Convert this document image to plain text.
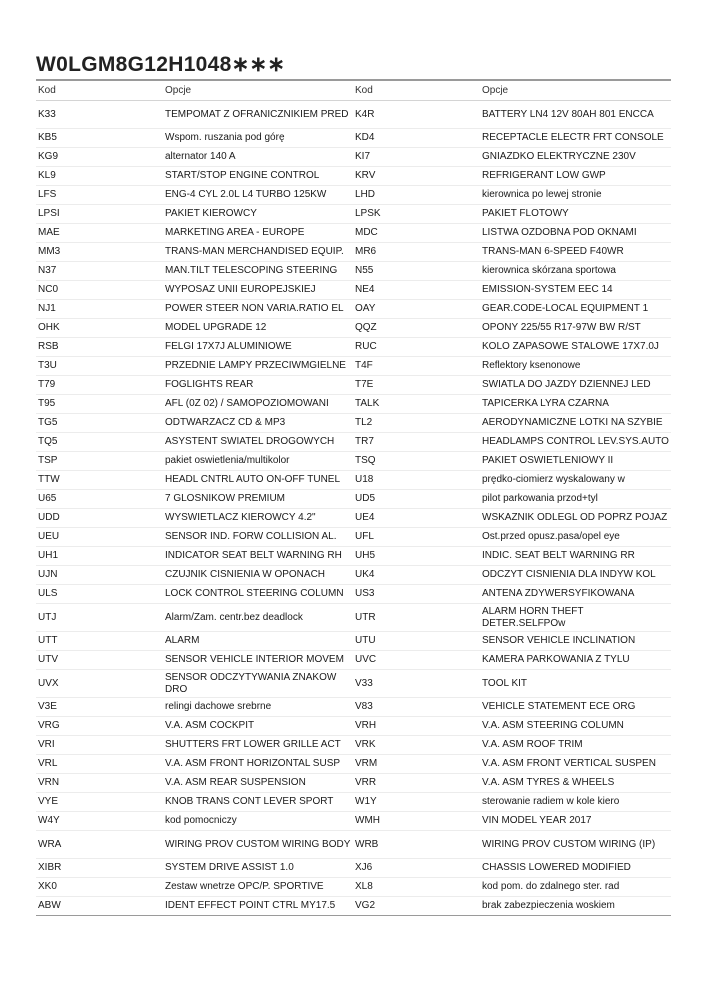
W0LGM8G12H1048∗∗∗
Kod	Opcje	Kod	Opcje
K33	TEMPOMAT Z OFRANICZNIKIEM PRED	K4R	BATTERY LN4 12V 80AH 801 ENCCA
KB5	Wspom. ruszania pod górę	KD4	RECEPTACLE ELECTR FRT CONSOLE
KG9	alternator 140 A	KI7	GNIAZDKO ELEKTRYCZNE 230V
KL9	START/STOP ENGINE CONTROL	KRV	REFRIGERANT LOW GWP
LFS	ENG-4 CYL 2.0L L4 TURBO 125KW	LHD	kierownica po lewej stronie
LPSI	PAKIET KIEROWCY	LPSK	PAKIET FLOTOWY
MAE	MARKETING AREA - EUROPE	MDC	LISTWA OZDOBNA POD OKNAMI
MM3	TRANS-MAN MERCHANDISED EQUIP.	MR6	TRANS-MAN 6-SPEED F40WR
N37	MAN.TILT TELESCOPING STEERING	N55	kierownica skórzana sportowa
NC0	WYPOSAZ UNII EUROPEJSKIEJ	NE4	EMISSION-SYSTEM EEC 14
NJ1	POWER STEER NON VARIA.RATIO EL	OAY	GEAR.CODE-LOCAL EQUIPMENT 1
OHK	MODEL UPGRADE 12	QQZ	OPONY 225/55 R17-97W BW R/ST
RSB	FELGI 17X7J ALUMINIOWE	RUC	KOLO ZAPASOWE STALOWE 17X7.0J
T3U	PRZEDNIE LAMPY PRZECIWMGIELNE	T4F	Reflektory ksenonowe
T79	FOGLIGHTS REAR	T7E	SWIATLA DO JAZDY DZIENNEJ LED
T95	AFL (0Z 02) / SAMOPOZIOMOWANI	TALK	TAPICERKA LYRA CZARNA
TG5	ODTWARZACZ CD & MP3	TL2	AERODYNAMICZNE LOTKI NA SZYBIE
TQ5	ASYSTENT SWIATEL DROGOWYCH	TR7	HEADLAMPS CONTROL LEV.SYS.AUTO
TSP	pakiet oswietlenia/multikolor	TSQ	PAKIET OSWIETLENIOWY II
TTW	HEADL CNTRL AUTO ON-OFF TUNEL	U18	prędko-ciomierz wyskalowany w
U65	7 GLOSNIKOW PREMIUM	UD5	pilot parkowania przod+tyl
UDD	WYSWIETLACZ KIEROWCY 4.2"	UE4	WSKAZNIK ODLEGL OD POPRZ POJAZ
UEU	SENSOR IND. FORW COLLISION AL.	UFL	Ost.przed opusz.pasa/opel eye
UH1	INDICATOR SEAT BELT WARNING RH	UH5	INDIC. SEAT BELT WARNING RR
UJN	CZUJNIK CISNIENIA W OPONACH	UK4	ODCZYT CISNIENIA DLA INDYW KOL
ULS	LOCK CONTROL STEERING COLUMN	US3	ANTENA ZDYWERSYFIKOWANA
UTJ	Alarm/Zam. centr.bez deadlock	UTR	ALARM HORN THEFT DETER.SELFPOw
UTT	ALARM	UTU	SENSOR VEHICLE INCLINATION
UTV	SENSOR VEHICLE INTERIOR MOVEM	UVC	KAMERA PARKOWANIA Z TYLU
UVX	SENSOR ODCZYTYWANIA ZNAKOW DRO	V33	TOOL KIT
V3E	relingi dachowe srebrne	V83	VEHICLE STATEMENT ECE ORG
VRG	V.A. ASM COCKPIT	VRH	V.A. ASM STEERING COLUMN
VRI	SHUTTERS FRT LOWER GRILLE ACT	VRK	V.A. ASM ROOF TRIM
VRL	V.A. ASM FRONT HORIZONTAL SUSP	VRM	V.A. ASM FRONT VERTICAL SUSPEN
VRN	V.A. ASM REAR SUSPENSION	VRR	V.A. ASM TYRES & WHEELS
VYE	KNOB TRANS CONT LEVER SPORT	W1Y	sterowanie radiem w kole kiero
W4Y	kod pomocniczy	WMH	VIN MODEL YEAR 2017
WRA	WIRING PROV CUSTOM WIRING BODY	WRB	WIRING PROV CUSTOM WIRING (IP)
XIBR	SYSTEM DRIVE ASSIST 1.0	XJ6	CHASSIS LOWERED MODIFIED
XK0	Zestaw wnetrze OPC/P. SPORTIVE	XL8	kod pom. do zdalnego ster. rad
ABW	IDENT EFFECT POINT CTRL MY17.5	VG2	brak zabezpieczenia woskiem
